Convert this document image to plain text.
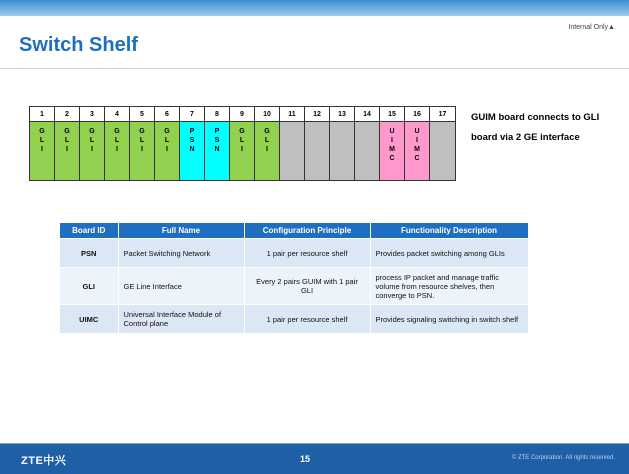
Internal Only▲
Switch Shelf
1	2	3	4	5	6	7	8	9	10	11	12	13	14	15	16	17
G
L
I	G
L
I	G
L
I	G
L
I	G
L
I	G
L
I	P
S
N	P
S
N	G
L
I	G
L
I					U
I
M
C	U
I
M
C	
GUIM board connects to GLI board via 2 GE interface
Board ID	Full Name	Configuration Principle	Functionality Description
PSN	Packet Switching Network	1 pair per resource shelf	Provides packet switching among GLIs
GLI	GE Line Interface	Every 2 pairs GUIM with 1 pair GLI	process IP packet and manage traffic volume from resource shelves, then converge to PSN.
UIMC	Universal Interface Module of Control plane	1 pair per resource shelf	Provides signaling switching in switch shelf
ZTE中兴	15	© ZTE Corporation. All rights reserved.
